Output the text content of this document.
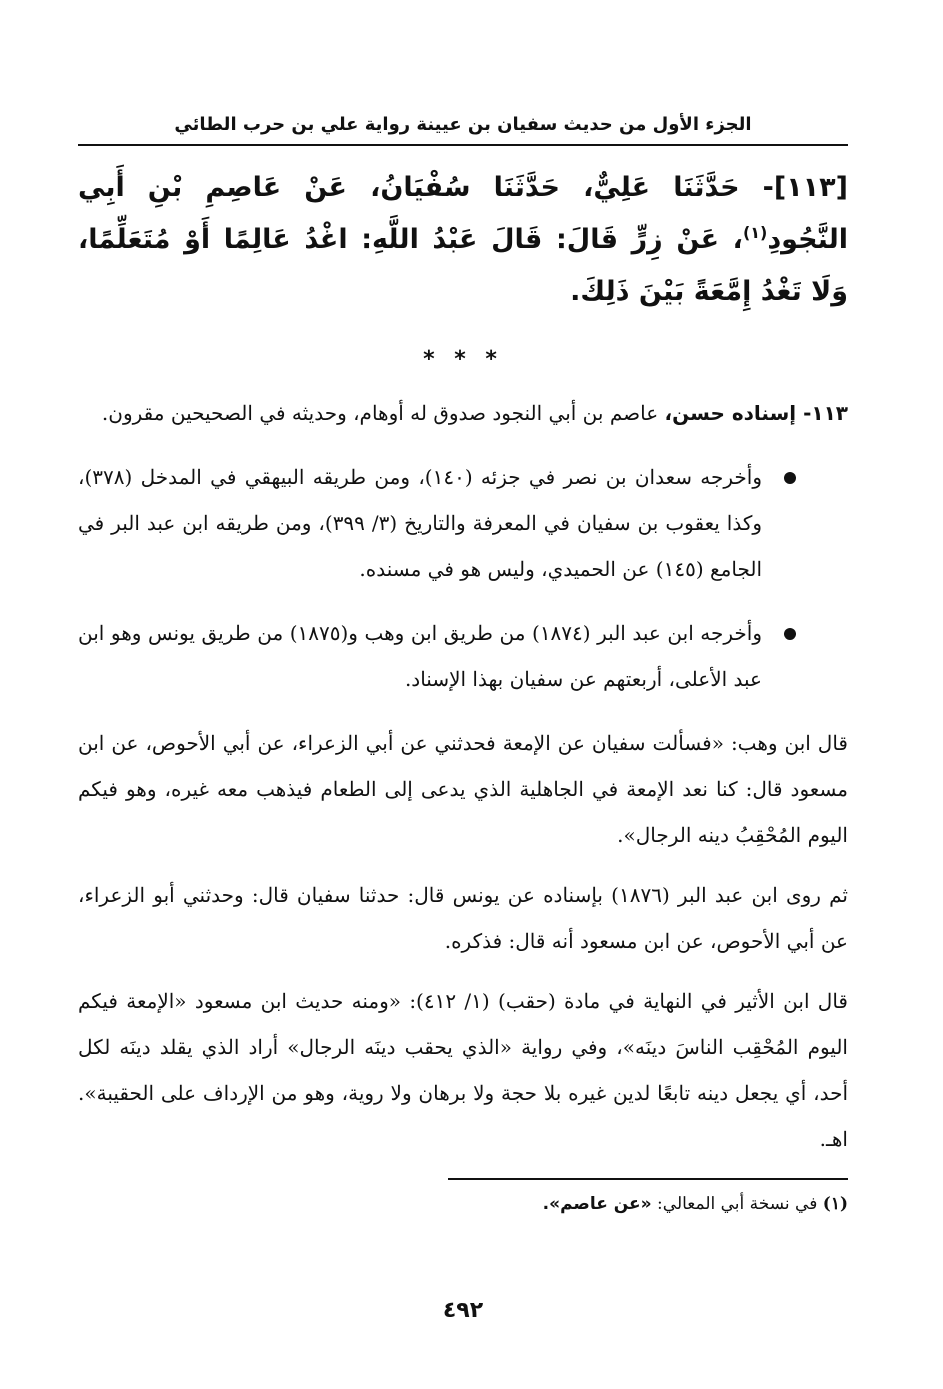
الجزء الأول من حديث سفيان بن عيينة رواية علي بن حرب الطائي
[١١٣]- حَدَّثَنَا عَلِيٌّ، حَدَّثَنَا سُفْيَانُ، عَنْ عَاصِمِ بْنِ أَبِي النَّجُودِ$^{(١)}$، عَنْ زِرٍّ قَالَ: قَالَ عَبْدُ اللَّهِ: اغْدُ عَالِمًا أَوْ مُتَعَلِّمًا، وَلَا تَغْدُ إِمَّعَةً بَيْنَ ذَلِكَ.
* * *

١١٣- إسناده حسن، عاصم بن أبي النجود صدوق له أوهام، وحديثه في الصحيحين مقرون.

وأخرجه سعدان بن نصر في جزئه (١٤٠)، ومن طريقه البيهقي في المدخل (٣٧٨)، وكذا يعقوب بن سفيان في المعرفة والتاريخ (٣/ ٣٩٩)، ومن طريقه ابن عبد البر في الجامع (١٤٥) عن الحميدي، وليس هو في مسنده.
وأخرجه ابن عبد البر (١٨٧٤) من طريق ابن وهب و(١٨٧٥) من طريق يونس وهو ابن عبد الأعلى، أربعتهم عن سفيان بهذا الإسناد.

قال ابن وهب: «فسألت سفيان عن الإمعة فحدثني عن أبي الزعراء، عن أبي الأحوص، عن ابن مسعود قال: كنا نعد الإمعة في الجاهلية الذي يدعى إلى الطعام فيذهب معه غيره، وهو فيكم اليوم المُحْقِبُ دينه الرجال».

ثم روى ابن عبد البر (١٨٧٦) بإسناده عن يونس قال: حدثنا سفيان قال: وحدثني أبو الزعراء، عن أبي الأحوص، عن ابن مسعود أنه قال: فذكره.

قال ابن الأثير في النهاية في مادة (حقب) (١/ ٤١٢): «ومنه حديث ابن مسعود «الإمعة فيكم اليوم المُحْقِب الناسَ دينَه»، وفي رواية «الذي يحقب دينَه الرجال» أراد الذي يقلد دينَه لكل أحد، أي يجعل دينه تابعًا لدين غيره بلا حجة ولا برهان ولا روية، وهو من الإرداف على الحقيبة». اهـ.

(١) في نسخة أبي المعالي: «عن عاصم».
٤٩٢
